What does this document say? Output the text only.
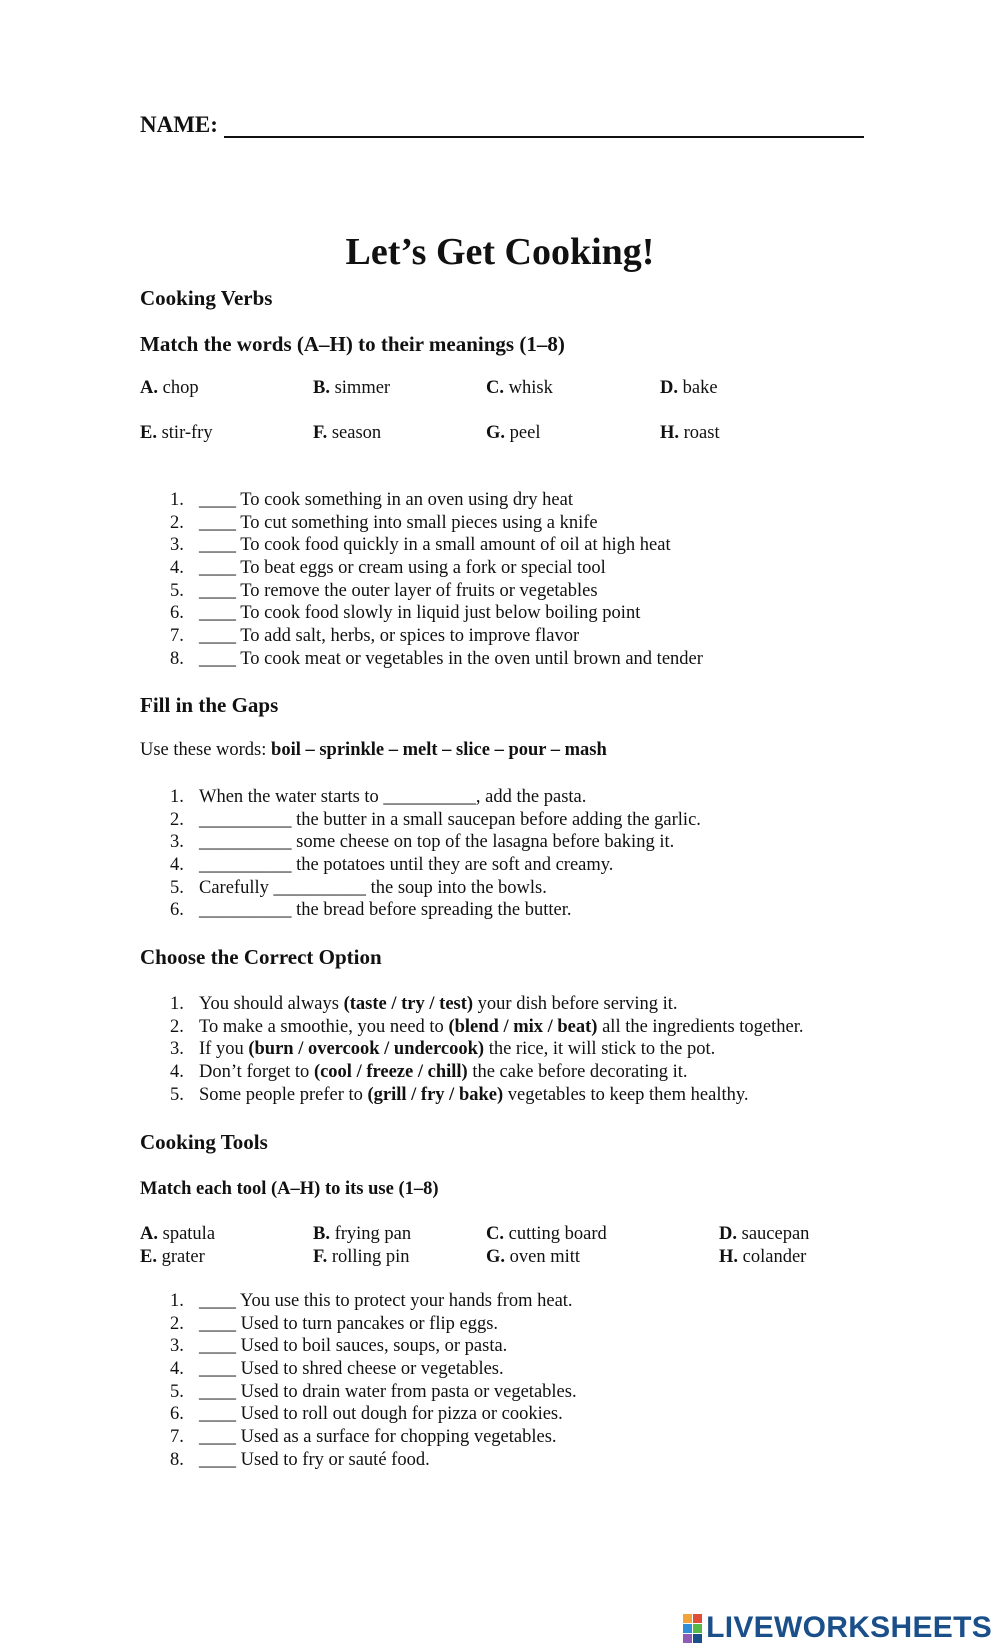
NAME:
Let’s Get Cooking!
Cooking Verbs
Match the words (A–H) to their meanings (1–8)
A. chop	B. simmer	C. whisk	D. bake
E. stir-fry	F. season	G. peel	H. roast
1. ____ To cook something in an oven using dry heat
2. ____ To cut something into small pieces using a knife
3. ____ To cook food quickly in a small amount of oil at high heat
4. ____ To beat eggs or cream using a fork or special tool
5. ____ To remove the outer layer of fruits or vegetables
6. ____ To cook food slowly in liquid just below boiling point
7. ____ To add salt, herbs, or spices to improve flavor
8. ____ To cook meat or vegetables in the oven until brown and tender
Fill in the Gaps
Use these words: boil – sprinkle – melt – slice – pour – mash
1. When the water starts to __________, add the pasta.
2. __________ the butter in a small saucepan before adding the garlic.
3. __________ some cheese on top of the lasagna before baking it.
4. __________ the potatoes until they are soft and creamy.
5. Carefully __________ the soup into the bowls.
6. __________ the bread before spreading the butter.
Choose the Correct Option
1. You should always (taste / try / test) your dish before serving it.
2. To make a smoothie, you need to (blend / mix / beat) all the ingredients together.
3. If you (burn / overcook / undercook) the rice, it will stick to the pot.
4. Don’t forget to (cool / freeze / chill) the cake before decorating it.
5. Some people prefer to (grill / fry / bake) vegetables to keep them healthy.
Cooking Tools
Match each tool (A–H) to its use (1–8)
A. spatula	B. frying pan	C. cutting board	D. saucepan
E. grater	F. rolling pin	G. oven mitt	H. colander
1. ____ You use this to protect your hands from heat.
2. ____ Used to turn pancakes or flip eggs.
3. ____ Used to boil sauces, soups, or pasta.
4. ____ Used to shred cheese or vegetables.
5. ____ Used to drain water from pasta or vegetables.
6. ____ Used to roll out dough for pizza or cookies.
7. ____ Used as a surface for chopping vegetables.
8. ____ Used to fry or sauté food.
LIVEWORKSHEETS
